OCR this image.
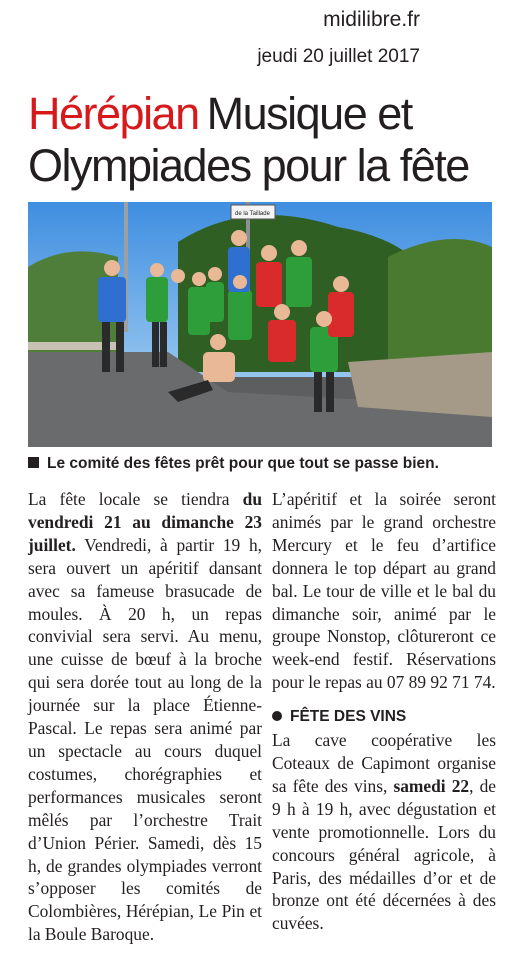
midilibre.fr
jeudi 20 juillet 2017
Hérépian Musique et Olympiades pour la fête
de la Taillade
Le comité des fêtes prêt pour que tout se passe bien.

La fête locale se tiendra du vendredi 21 au dimanche 23 juillet. Vendredi, à partir 19 h, sera ouvert un apéritif dansant avec sa fameuse brasucade de moules. À 20 h, un repas convivial sera servi. Au menu, une cuisse de bœuf à la broche qui sera dorée tout au long de la journée sur la place Étienne-Pascal. Le repas sera animé par un spectacle au cours duquel costumes, chorégraphies et performances musicales seront mêlés par l’orchestre Trait d’Union Périer. Samedi, dès 15 h, de grandes olympiades verront s’opposer les comités de Colombières, Hérépian, Le Pin et la Boule Baroque.

L’apéritif et la soirée seront animés par le grand orchestre Mercury et le feu d’artifice donnera le top départ au grand bal. Le tour de ville et le bal du dimanche soir, animé par le groupe Nonstop, clôtureront ce week-end festif. Réservations pour le repas au 07 89 92 71 74.

FÊTE DES VINS

La cave coopérative les Coteaux de Capimont organise sa fête des vins, samedi 22, de 9 h à 19 h, avec dégustation et vente promotionnelle. Lors du concours général agricole, à Paris, des médailles d’or et de bronze ont été décernées à des cuvées.
